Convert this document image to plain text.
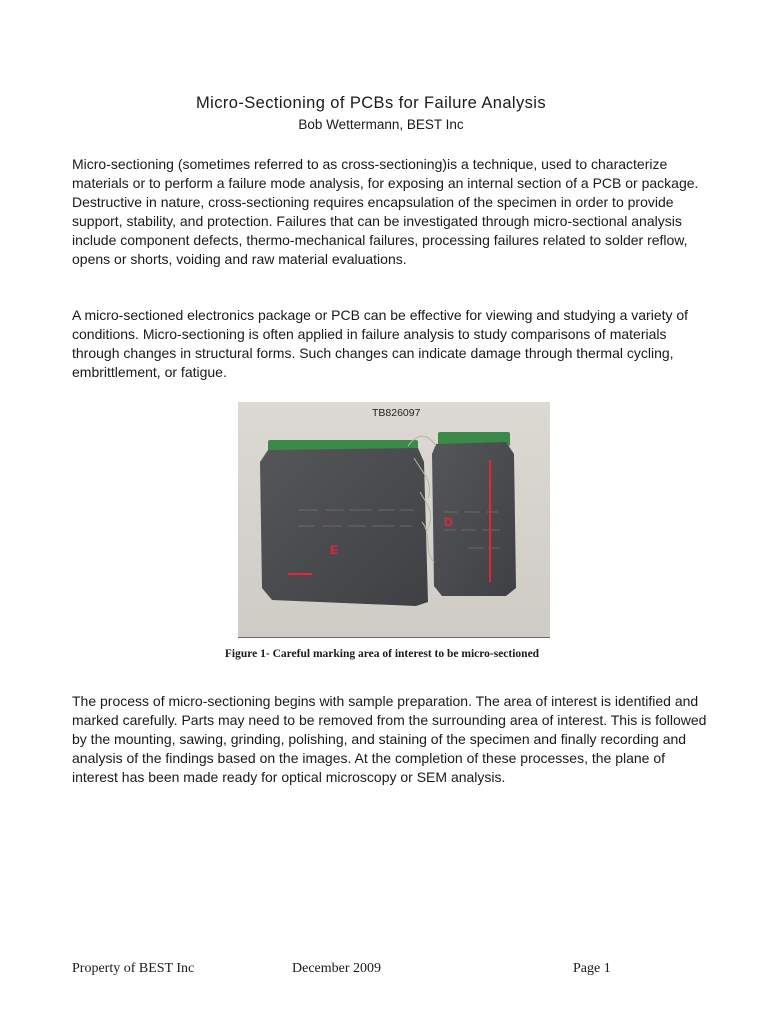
Micro-Sectioning of PCBs for Failure Analysis
Bob Wettermann, BEST Inc

Micro-sectioning (sometimes referred to as cross-sectioning)is a technique, used to characterize materials or to perform a failure mode analysis, for exposing an internal section of a PCB or package. Destructive in nature, cross-sectioning requires encapsulation of the specimen in order to provide support, stability, and protection. Failures that can be investigated through micro-sectional analysis include component defects, thermo-mechanical failures, processing failures related to solder reflow, opens or shorts, voiding and raw material evaluations.

A micro-sectioned electronics package or PCB can be effective for viewing and studying a variety of conditions. Micro-sectioning is often applied in failure analysis to study comparisons of materials through changes in structural forms. Such changes can indicate damage through thermal cycling, embrittlement, or fatigue.

TB826097
E
D
Figure 1- Careful marking area of interest to be micro-sectioned

The process of micro-sectioning begins with sample preparation. The area of interest is identified and marked carefully. Parts may need to be removed from the surrounding area of interest. This is followed by the mounting, sawing, grinding, polishing, and staining of the specimen and finally recording and analysis of the findings based on the images. At the completion of these processes, the plane of interest has been made ready for optical microscopy or SEM analysis.

Property of BEST Inc	December 2009	Page 1
